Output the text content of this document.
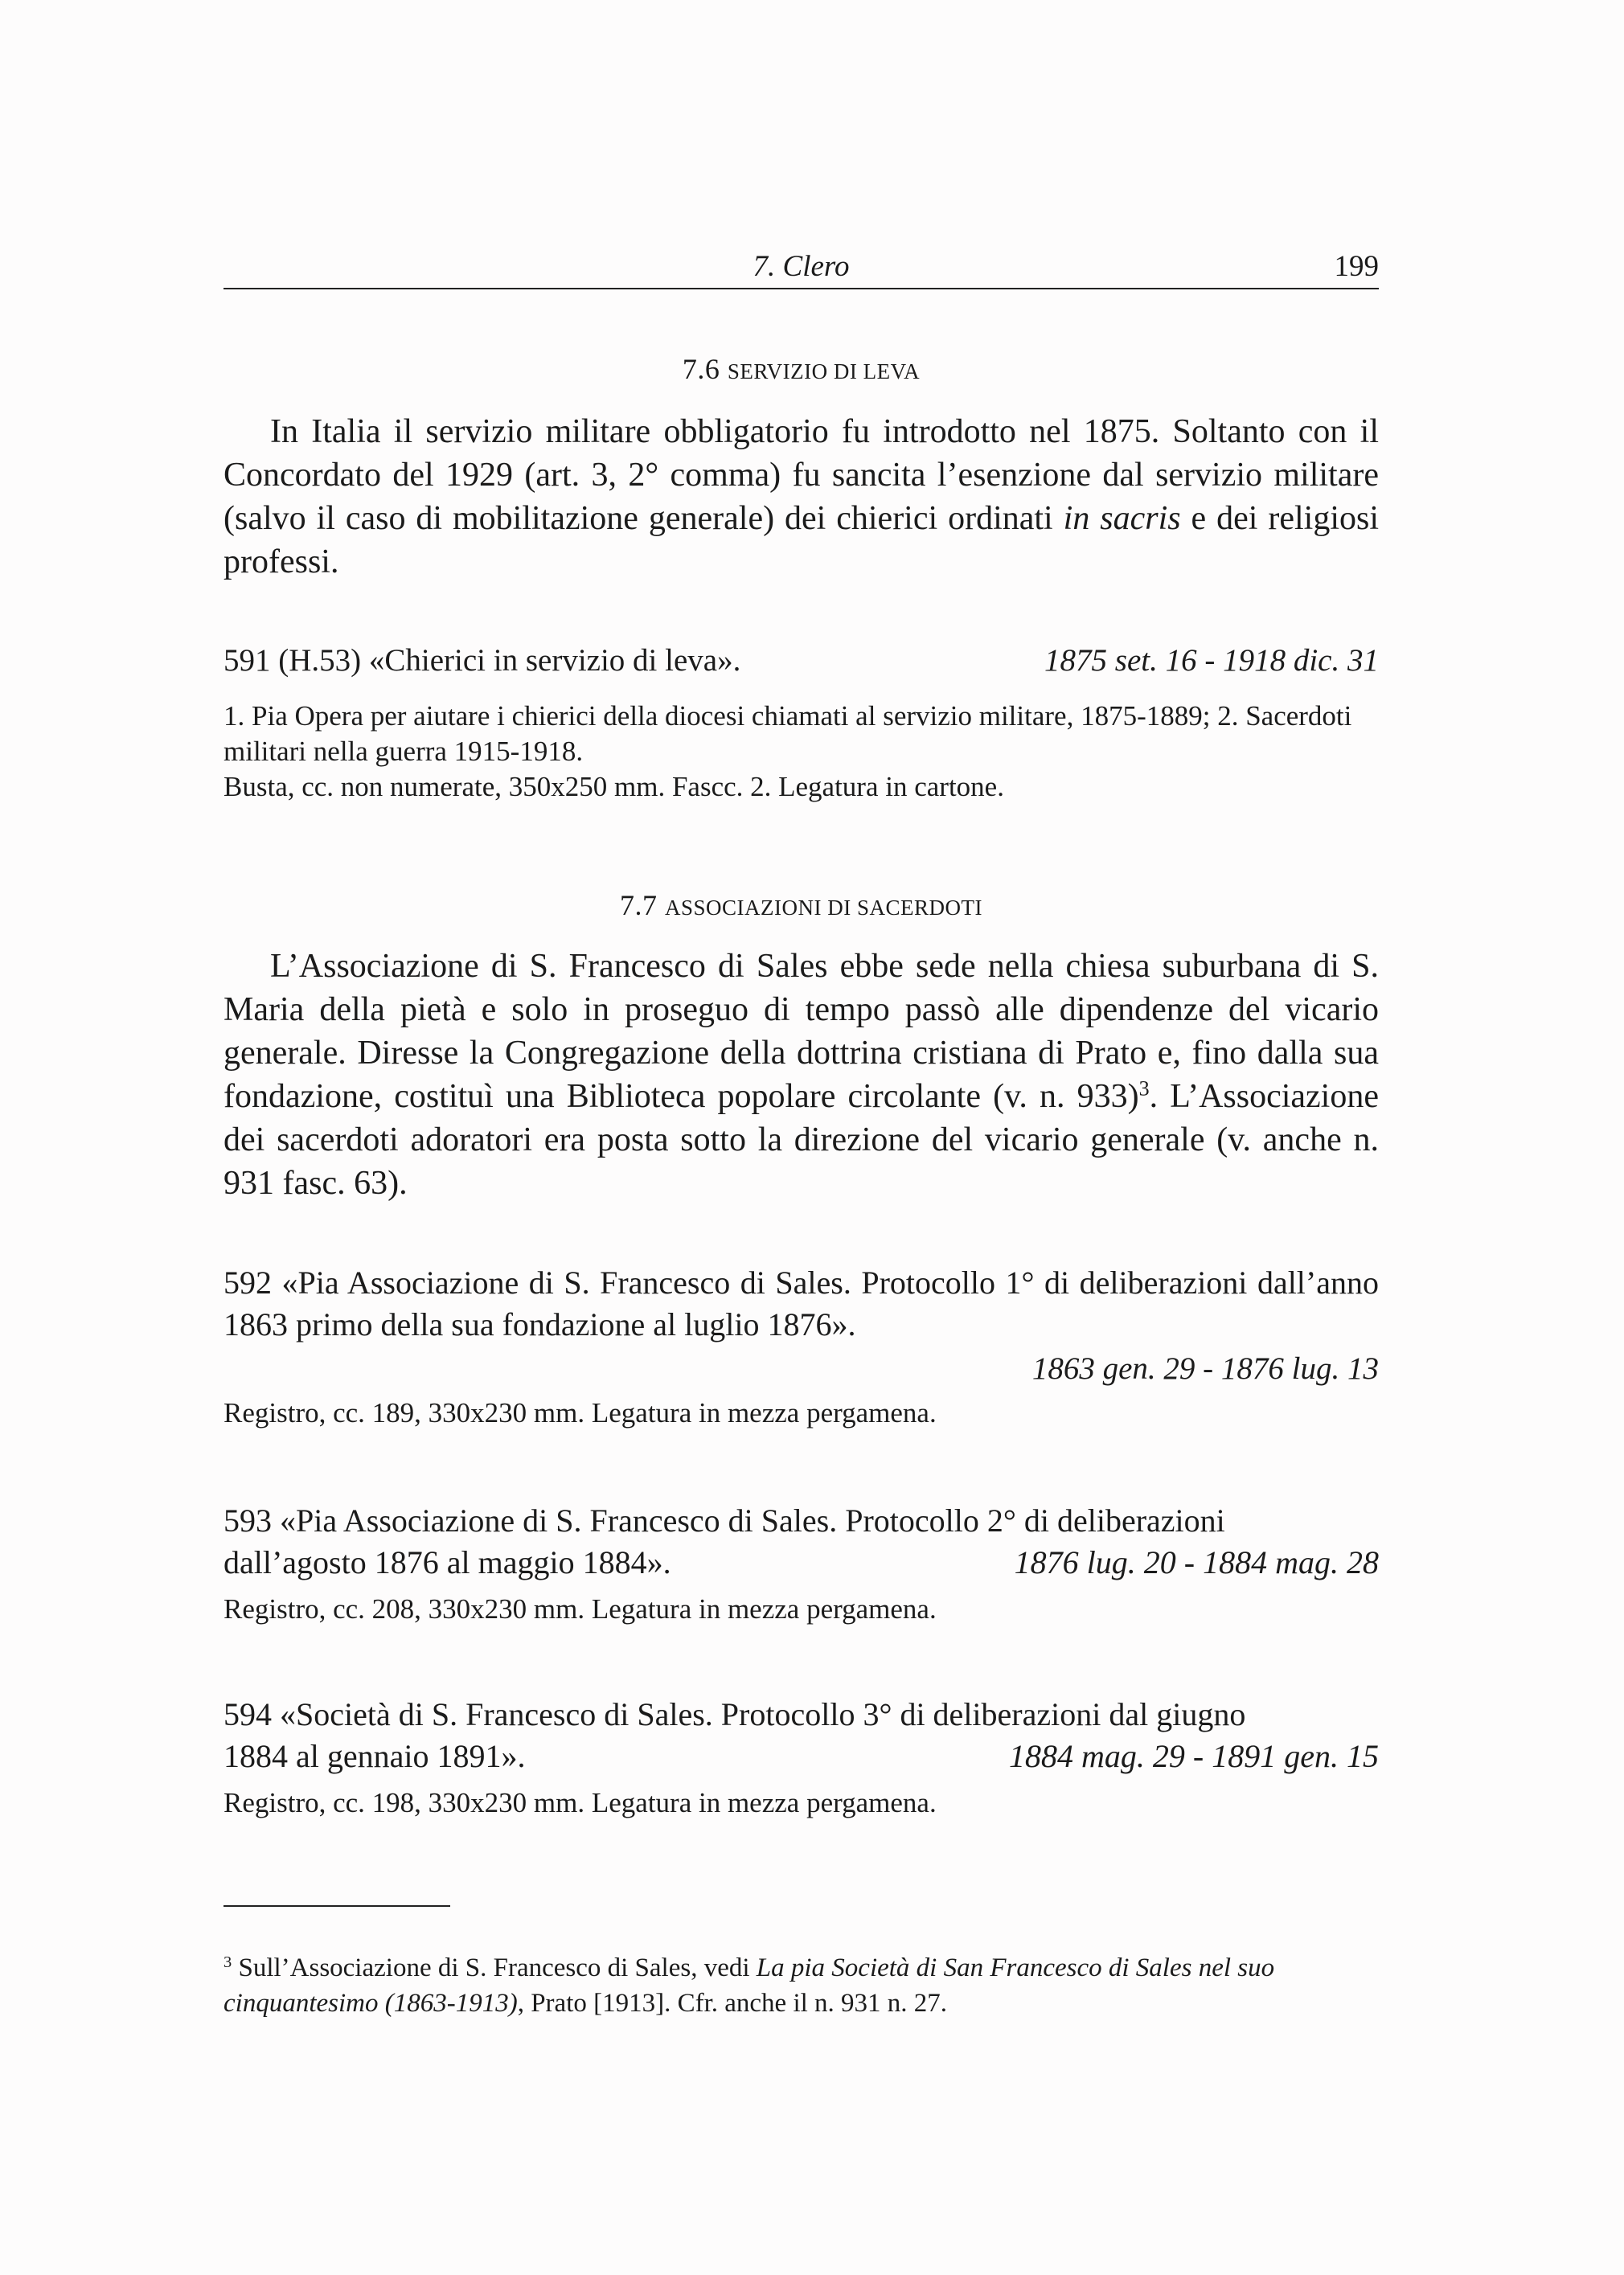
7. Clero	199
7.6 SERVIZIO DI LEVA

In Italia il servizio militare obbligatorio fu introdotto nel 1875. Soltanto con il Concordato del 1929 (art. 3, 2° comma) fu sancita l’esenzione dal servizio militare (salvo il caso di mobilitazione generale) dei chierici ordinati in sacris e dei religiosi professi.

591 (H.53) «Chierici in servizio di leva».	1875 set. 16 - 1918 dic. 31
1. Pia Opera per aiutare i chierici della diocesi chiamati al servizio militare, 1875-1889; 2. Sacerdoti militari nella guerra 1915-1918.
Busta, cc. non numerate, 350x250 mm. Fascc. 2. Legatura in cartone.
7.7 ASSOCIAZIONI DI SACERDOTI

L’Associazione di S. Francesco di Sales ebbe sede nella chiesa suburbana di S. Maria della pietà e solo in proseguo di tempo passò alle dipendenze del vicario generale. Diresse la Congregazione della dottrina cristiana di Prato e, fino dalla sua fondazione, costituì una Biblioteca popolare circolante (v. n. 933)$^3$. L’Associazione dei sacerdoti adoratori era posta sotto la direzione del vicario generale (v. anche n. 931 fasc. 63).

592 «Pia Associazione di S. Francesco di Sales. Protocollo 1° di deliberazioni dall’anno 1863 primo della sua fondazione al luglio 1876».
1863 gen. 29 - 1876 lug. 13
Registro, cc. 189, 330x230 mm. Legatura in mezza pergamena.
593 «Pia Associazione di S. Francesco di Sales. Protocollo 2° di deliberazioni
dall’agosto 1876 al maggio 1884».	1876 lug. 20 - 1884 mag. 28
Registro, cc. 208, 330x230 mm. Legatura in mezza pergamena.
594 «Società di S. Francesco di Sales. Protocollo 3° di deliberazioni dal giugno
1884 al gennaio 1891».	1884 mag. 29 - 1891 gen. 15
Registro, cc. 198, 330x230 mm. Legatura in mezza pergamena.
$^3$ Sull’Associazione di S. Francesco di Sales, vedi La pia Società di San Francesco di Sales nel suo cinquantesimo (1863-1913), Prato [1913]. Cfr. anche il n. 931 n. 27.
